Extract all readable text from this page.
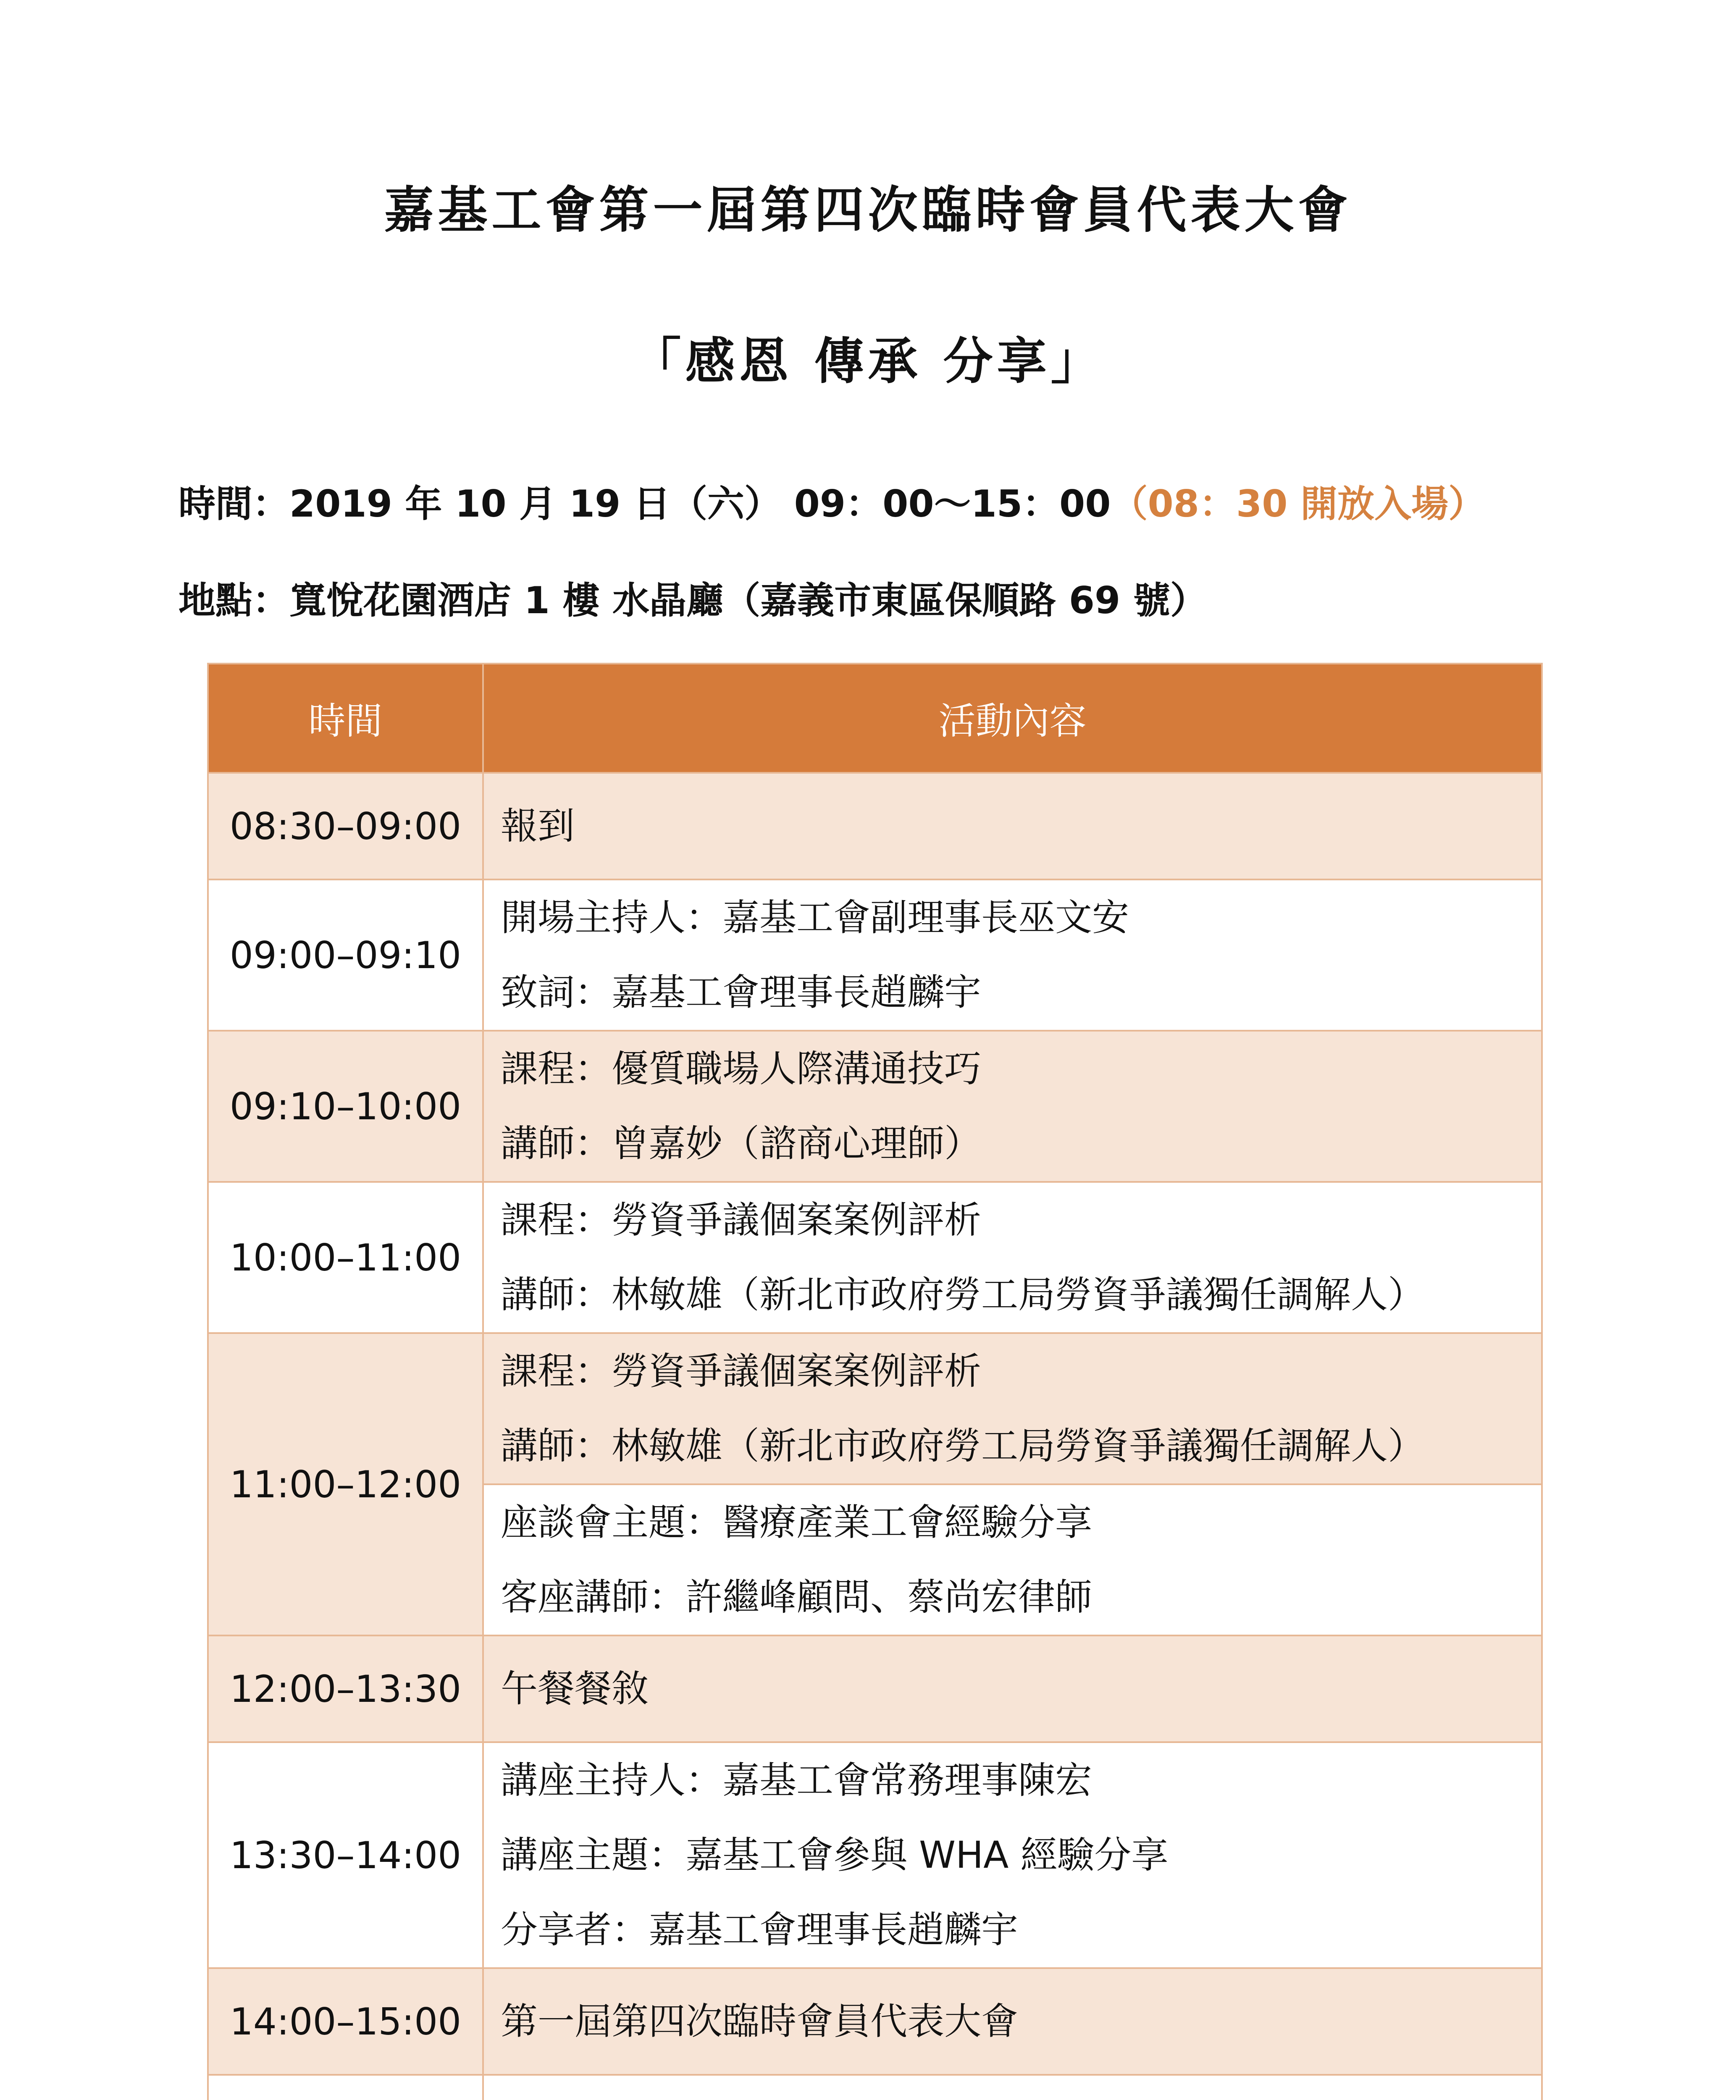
嘉基工會第一屆第四次臨時會員代表大會
「感恩 傳承 分享」

時間：2019 年 10 月 19 日（六） 09：00～15：00（08：30 開放入場）

地點：寬悅花園酒店 1 樓 水晶廳（嘉義市東區保順路 69 號）

時間	活動內容
08:30–09:00	報到

09:00–09:10	開場主持人：嘉基工會副理事長巫文安
致詞：嘉基工會理事長趙麟宇

09:10–10:00	課程：優質職場人際溝通技巧
講師：曾嘉妙（諮商心理師）

10:00–11:00	課程：勞資爭議個案案例評析
講師：林敏雄（新北市政府勞工局勞資爭議獨任調解人）

11:00–12:00	課程：勞資爭議個案案例評析
講師：林敏雄（新北市政府勞工局勞資爭議獨任調解人）

	座談會主題：醫療產業工會經驗分享
客座講師：許繼峰顧問、蔡尚宏律師

12:00–13:30	午餐餐敘

13:30–14:00	講座主持人：嘉基工會常務理事陳宏
講座主題：嘉基工會參與 WHA 經驗分享
分享者：嘉基工會理事長趙麟宇

14:00–15:00	第一屆第四次臨時會員代表大會
